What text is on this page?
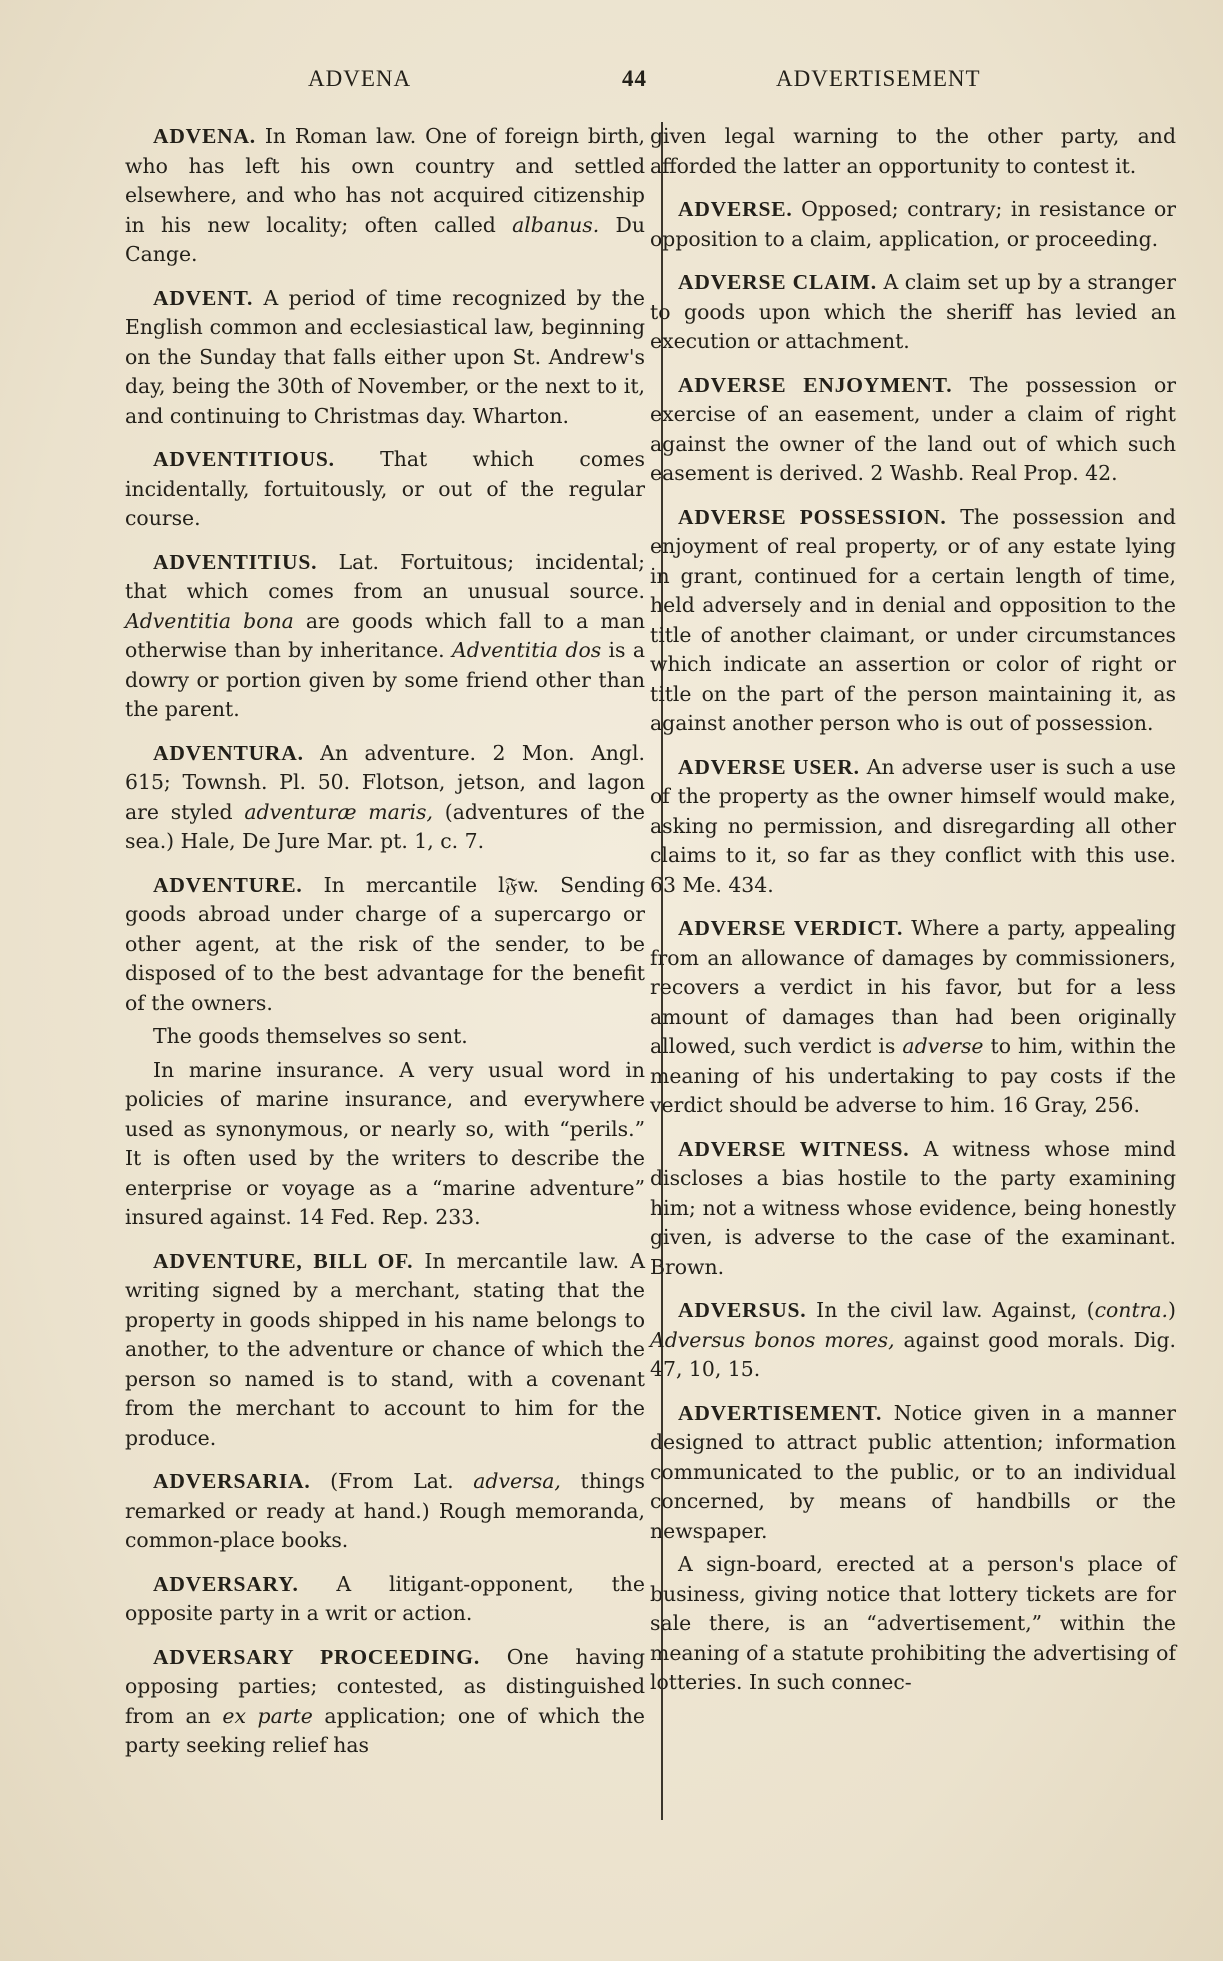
ADVENA	44	ADVERTISEMENT

ADVENA. In Roman law. One of foreign birth, who has left his own country and settled elsewhere, and who has not acquired citizenship in his new locality; often called albanus. Du Cange.

ADVENT. A period of time recognized by the English common and ecclesiastical law, beginning on the Sunday that falls either upon St. Andrew's day, being the 30th of November, or the next to it, and continuing to Christmas day. Wharton.

ADVENTITIOUS. That which comes incidentally, fortuitously, or out of the regular course.

ADVENTITIUS. Lat. Fortuitous; incidental; that which comes from an unusual source. Adventitia bona are goods which fall to a man otherwise than by inheritance. Adventitia dos is a dowry or portion given by some friend other than the parent.

ADVENTURA. An adventure. 2 Mon. Angl. 615; Townsh. Pl. 50. Flotson, jetson, and lagon are styled adventuræ maris, (adventures of the sea.) Hale, De Jure Mar. pt. 1, c. 7.

ADVENTURE. In mercantile l𝔉w. Sending goods abroad under charge of a supercargo or other agent, at the risk of the sender, to be disposed of to the best advantage for the benefit of the owners.

The goods themselves so sent.

In marine insurance. A very usual word in policies of marine insurance, and everywhere used as synonymous, or nearly so, with “perils.” It is often used by the writers to describe the enterprise or voyage as a “marine adventure” insured against. 14 Fed. Rep. 233.

ADVENTURE, BILL OF. In mercantile law. A writing signed by a merchant, stating that the property in goods shipped in his name belongs to another, to the adventure or chance of which the person so named is to stand, with a covenant from the merchant to account to him for the produce.

ADVERSARIA. (From Lat. adversa, things remarked or ready at hand.) Rough memoranda, common-place books.

ADVERSARY. A litigant-opponent, the opposite party in a writ or action.

ADVERSARY PROCEEDING. One having opposing parties; contested, as distinguished from an ex parte application; one of which the party seeking relief has

given legal warning to the other party, and afforded the latter an opportunity to contest it.

ADVERSE. Opposed; contrary; in resistance or opposition to a claim, application, or proceeding.

ADVERSE CLAIM. A claim set up by a stranger to goods upon which the sheriff has levied an execution or attachment.

ADVERSE ENJOYMENT. The possession or exercise of an easement, under a claim of right against the owner of the land out of which such easement is derived. 2 Washb. Real Prop. 42.

ADVERSE POSSESSION. The possession and enjoyment of real property, or of any estate lying in grant, continued for a certain length of time, held adversely and in denial and opposition to the title of another claimant, or under circumstances which indicate an assertion or color of right or title on the part of the person maintaining it, as against another person who is out of possession.

ADVERSE USER. An adverse user is such a use of the property as the owner himself would make, asking no permission, and disregarding all other claims to it, so far as they conflict with this use. 63 Me. 434.

ADVERSE VERDICT. Where a party, appealing from an allowance of damages by commissioners, recovers a verdict in his favor, but for a less amount of damages than had been originally allowed, such verdict is adverse to him, within the meaning of his undertaking to pay costs if the verdict should be adverse to him. 16 Gray, 256.

ADVERSE WITNESS. A witness whose mind discloses a bias hostile to the party examining him; not a witness whose evidence, being honestly given, is adverse to the case of the examinant. Brown.

ADVERSUS. In the civil law. Against, (contra.) Adversus bonos mores, against good morals. Dig. 47, 10, 15.

ADVERTISEMENT. Notice given in a manner designed to attract public attention; information communicated to the public, or to an individual concerned, by means of handbills or the newspaper.

A sign-board, erected at a person's place of business, giving notice that lottery tickets are for sale there, is an “advertisement,” within the meaning of a statute prohibiting the advertising of lotteries. In such connec-
